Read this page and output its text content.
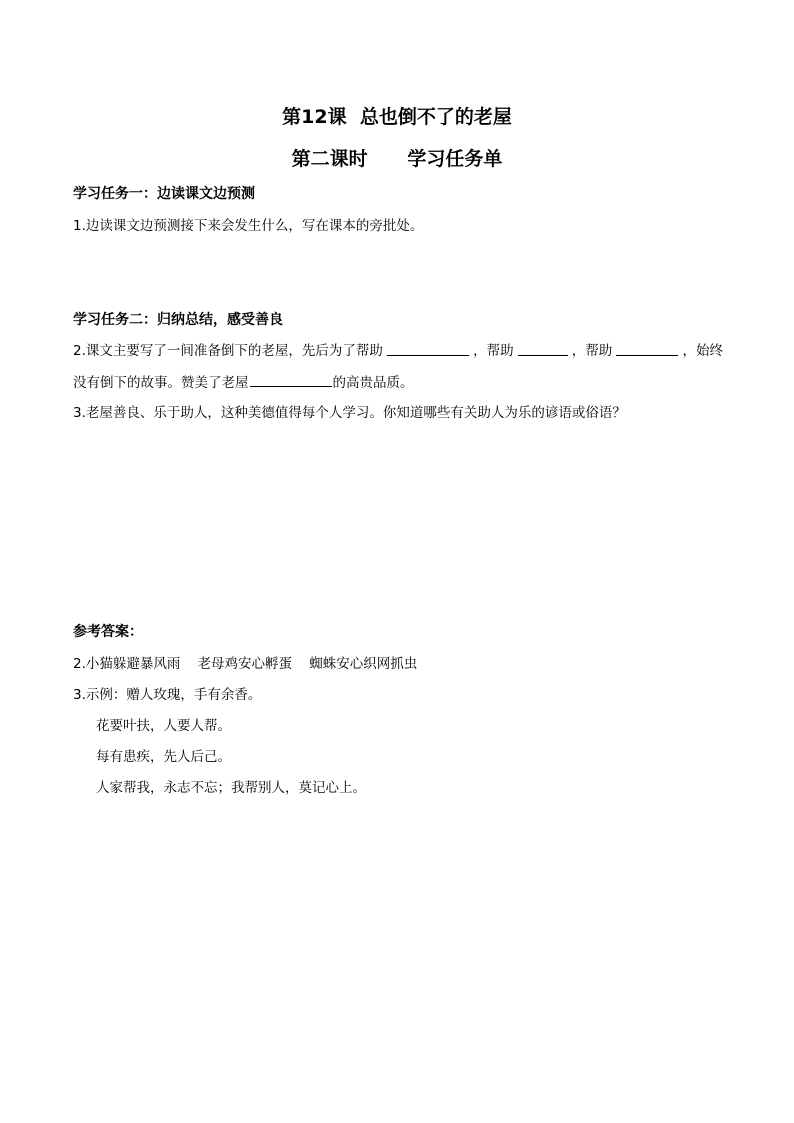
第12课  总也倒不了的老屋
第二课时      学习任务单
学习任务一：边读课文边预测
1.边读课文边预测接下来会发生什么，写在课本的旁批处。
学习任务二：归纳总结，感受善良
2.课文主要写了一间准备倒下的老屋，先后为了帮助	，帮助	，帮助	，始终
没有倒下的故事。赞美了老屋	的高贵品质。
3.老屋善良、乐于助人，这种美德值得每个人学习。你知道哪些有关助人为乐的谚语或俗语？
参考答案：
2.小猫躲避暴风雨    老母鸡安心孵蛋    蜘蛛安心织网抓虫
3.示例：赠人玫瑰，手有余香。
花要叶扶，人要人帮。
每有患疾，先人后己。
人家帮我，永志不忘；我帮别人，莫记心上。
